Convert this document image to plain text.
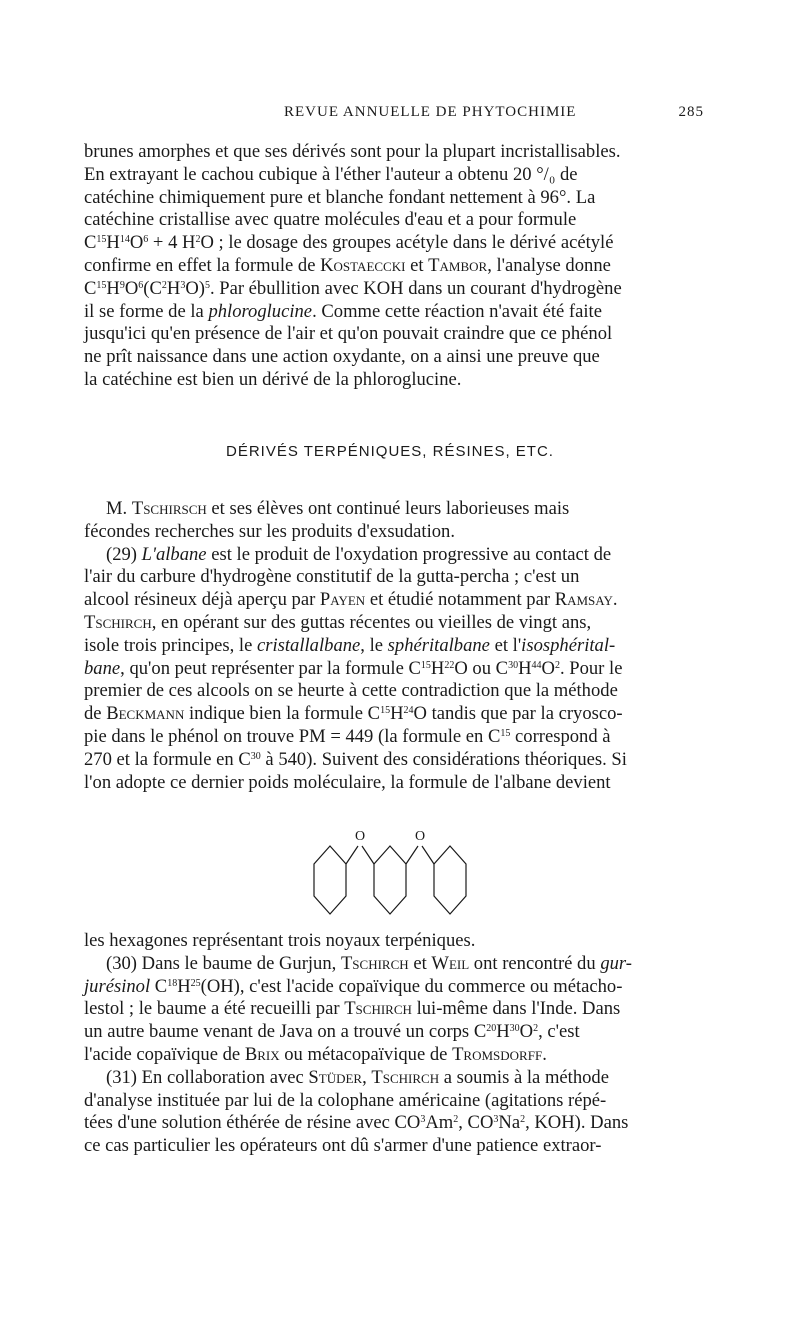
REVUE ANNUELLE DE PHYTOCHIMIE	285

brunes amorphes et que ses dérivés sont pour la plupart incristallisables.

En extrayant le cachou cubique à l'éther l'auteur a obtenu 20 °/₀ de

catéchine chimiquement pure et blanche fondant nettement à 96°. La

catéchine cristallise avec quatre molécules d'eau et a pour formule

$C^{15}H^{14}O^6 + 4$ $H^2O$ ; le dosage des groupes acétyle dans le dérivé acétylé

confirme en effet la formule de Kostaeccki et Tambor, l'analyse donne

$C^{15}H^9O^6(C^2H^3O)^5$. Par ébullition avec KOH dans un courant d'hydrogène

il se forme de la phloroglucine. Comme cette réaction n'avait été faite

jusqu'ici qu'en présence de l'air et qu'on pouvait craindre que ce phénol

ne prît naissance dans une action oxydante, on a ainsi une preuve que

la catéchine est bien un dérivé de la phloroglucine.

DÉRIVÉS TERPÉNIQUES, RÉSINES, ETC.

M. Tschirsch et ses élèves ont continué leurs laborieuses mais

fécondes recherches sur les produits d'exsudation.

(29) L'albane est le produit de l'oxydation progressive au contact de

l'air du carbure d'hydrogène constitutif de la gutta-percha ; c'est un

alcool résineux déjà aperçu par Payen et étudié notamment par Ramsay.

Tschirch, en opérant sur des guttas récentes ou vieilles de vingt ans,

isole trois principes, le cristallalbane, le sphéritalbane et l'isosphérital-

bane, qu'on peut représenter par la formule $C^{15}H^{22}O$ ou $C^{30}H^{44}O^2$. Pour le

premier de ces alcools on se heurte à cette contradiction que la méthode

de Beckmann indique bien la formule $C^{15}H^{24}O$ tandis que par la cryosco-

pie dans le phénol on trouve PM = 449 (la formule en $C^{15}$ correspond à

270 et la formule en $C^{30}$ à 540). Suivent des considérations théoriques. Si

l'on adopte ce dernier poids moléculaire, la formule de l'albane devient

O	O

les hexagones représentant trois noyaux terpéniques.

(30) Dans le baume de Gurjun, Tschirch et Weil ont rencontré du gur-

jurésinol $C^{18}H^{25}(OH)$, c'est l'acide copaïvique du commerce ou métacho-

lestol ; le baume a été recueilli par Tschirch lui-même dans l'Inde. Dans

un autre baume venant de Java on a trouvé un corps $C^{20}H^{30}O^2$, c'est

l'acide copaïvique de Brix ou métacopaïvique de Tromsdorff.

(31) En collaboration avec Stüder, Tschirch a soumis à la méthode

d'analyse instituée par lui de la colophane américaine (agitations répé-

tées d'une solution éthérée de résine avec $CO^3Am^2$, $CO^3Na^2$, KOH). Dans

ce cas particulier les opérateurs ont dû s'armer d'une patience extraor-
